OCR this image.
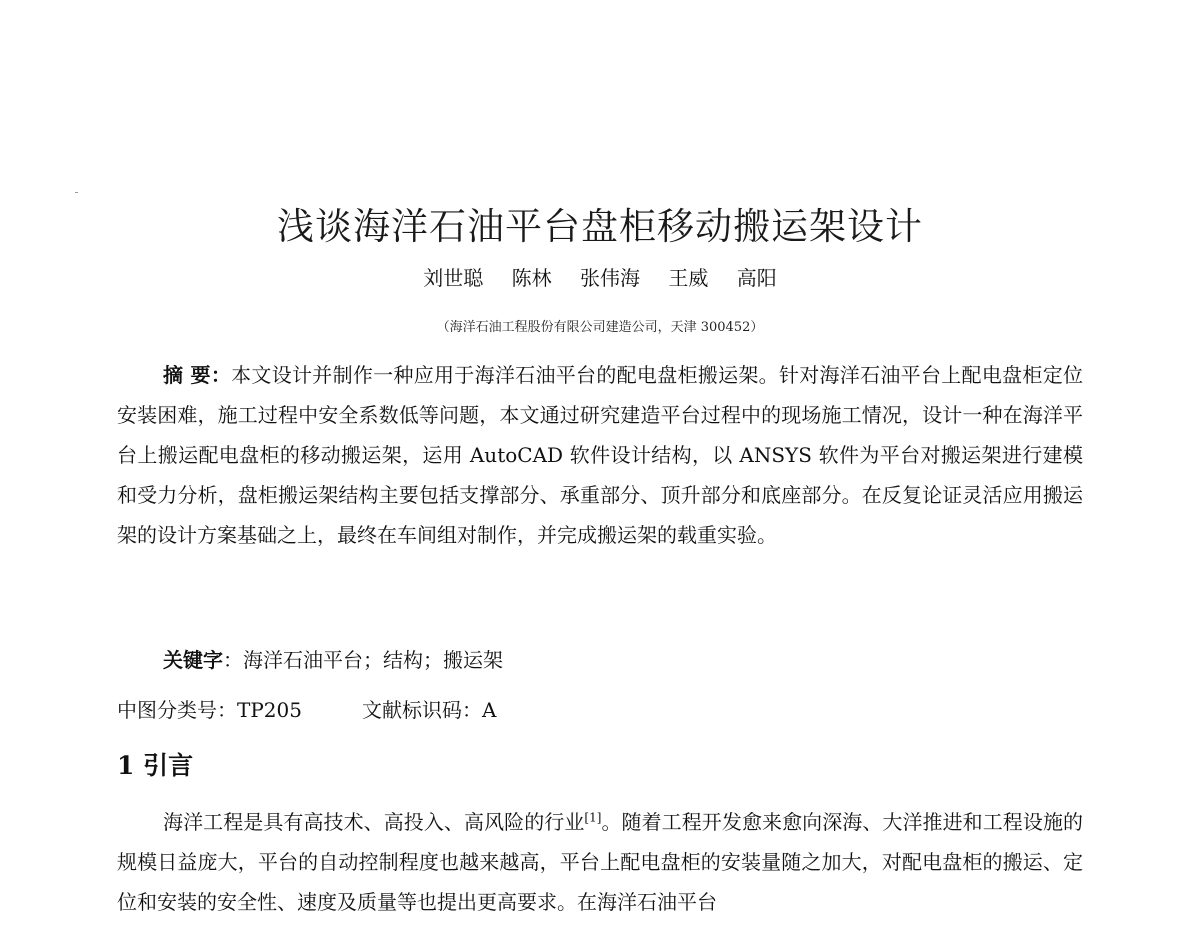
浅谈海洋石油平台盘柜移动搬运架设计
刘世聪 陈林 张伟海 王威 高阳
（海洋石油工程股份有限公司建造公司，天津 300452）
摘 要：本文设计并制作一种应用于海洋石油平台的配电盘柜搬运架。针对海洋石油平台上配电盘柜定位安装困难，施工过程中安全系数低等问题，本文通过研究建造平台过程中的现场施工情况，设计一种在海洋平台上搬运配电盘柜的移动搬运架，运用 AutoCAD 软件设计结构，以 ANSYS 软件为平台对搬运架进行建模和受力分析，盘柜搬运架结构主要包括支撑部分、承重部分、顶升部分和底座部分。在反复论证灵活应用搬运架的设计方案基础之上，最终在车间组对制作，并完成搬运架的载重实验。
关键字：海洋石油平台；结构；搬运架
中图分类号：TP205	文献标识码：A
1 引言
海洋工程是具有高技术、高投入、高风险的行业[1]。随着工程开发愈来愈向深海、大洋推进和工程设施的规模日益庞大，平台的自动控制程度也越来越高，平台上配电盘柜的安装量随之加大，对配电盘柜的搬运、定位和安装的安全性、速度及质量等也提出更高要求。在海洋石油平台
